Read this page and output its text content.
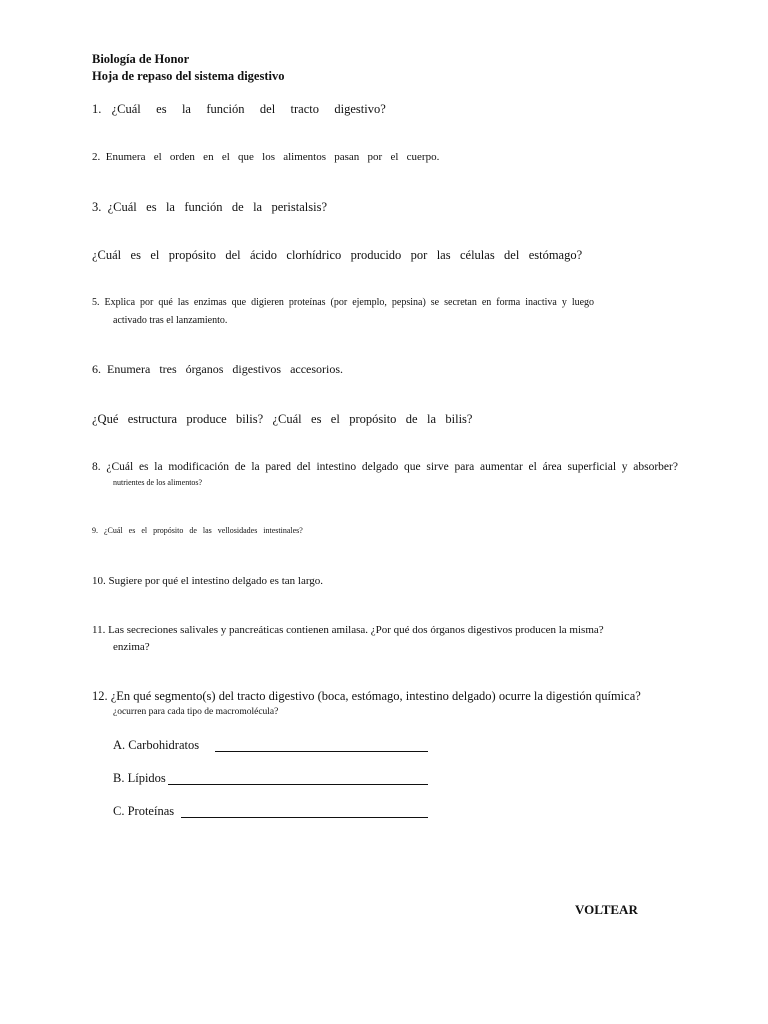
Biología de Honor
Hoja de repaso del sistema digestivo
1.  ¿Cuál   es   la   función   del   tracto   digestivo?
2.  Enumera   el   orden   en   el   que   los   alimentos   pasan   por   el   cuerpo.
3.  ¿Cuál   es   la   función   de   la   peristalsis?
¿Cuál   es   el   propósito   del   ácido   clorhídrico   producido   por   las   células   del   estómago?
5.  Explica  por  qué  las  enzimas  que  digieren  proteínas  (por  ejemplo,  pepsina)  se  secretan  en  forma  inactiva  y  luego
activado tras el lanzamiento.
6.  Enumera   tres   órganos   digestivos   accesorios.
¿Qué   estructura   produce   bilis?   ¿Cuál   es   el   propósito   de   la   bilis?
8.  ¿Cuál  es  la  modificación  de  la  pared  del  intestino  delgado  que  sirve  para  aumentar  el  área  superficial  y  absorber?
nutrientes de los alimentos?
9.   ¿Cuál   es   el   propósito   de   las   vellosidades   intestinales?
10. Sugiere por qué el intestino delgado es tan largo.
11. Las secreciones salivales y pancreáticas contienen amilasa. ¿Por qué dos órganos digestivos producen la misma?
enzima?
12. ¿En qué segmento(s) del tracto digestivo (boca, estómago, intestino delgado) ocurre la digestión química?
¿ocurren para cada tipo de macromolécula?
A. Carbohidratos
B. Lípidos
C. Proteínas
VOLTEAR
